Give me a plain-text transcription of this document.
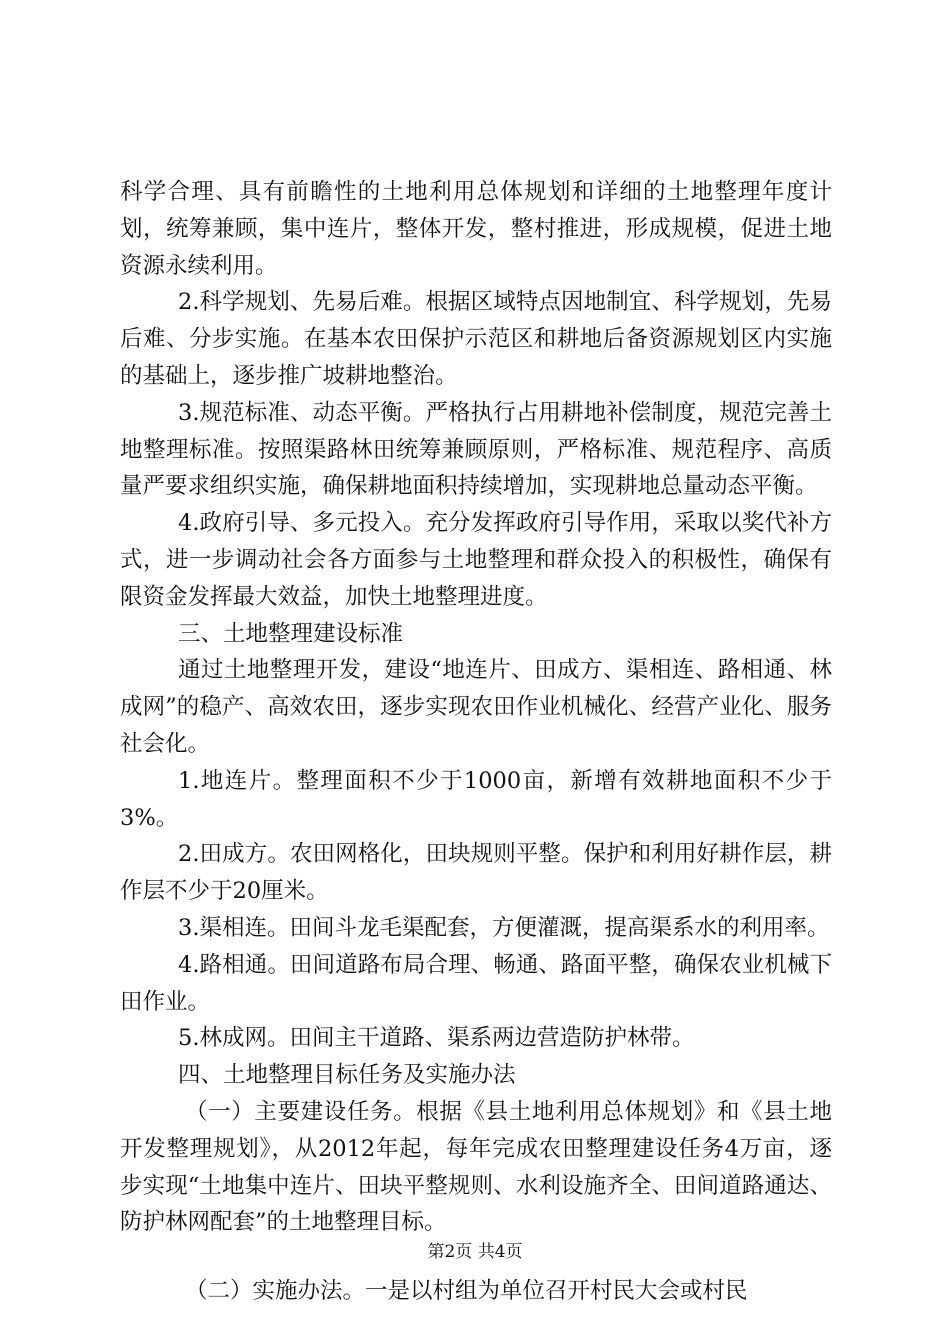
科学合理、具有前瞻性的土地利用总体规划和详细的土地整理年度计划，统筹兼顾，集中连片，整体开发，整村推进，形成规模，促进土地资源永续利用。

2.科学规划、先易后难。根据区域特点因地制宜、科学规划，先易后难、分步实施。在基本农田保护示范区和耕地后备资源规划区内实施的基础上，逐步推广坡耕地整治。

3.规范标准、动态平衡。严格执行占用耕地补偿制度，规范完善土地整理标准。按照渠路林田统筹兼顾原则，严格标准、规范程序、高质量严要求组织实施，确保耕地面积持续增加，实现耕地总量动态平衡。

4.政府引导、多元投入。充分发挥政府引导作用，采取以奖代补方式，进一步调动社会各方面参与土地整理和群众投入的积极性，确保有限资金发挥最大效益，加快土地整理进度。

三、土地整理建设标准

通过土地整理开发，建设“地连片、田成方、渠相连、路相通、林成网”的稳产、高效农田，逐步实现农田作业机械化、经营产业化、服务社会化。

1.地连片。整理面积不少于1000亩，新增有效耕地面积不少于3%。

2.田成方。农田网格化，田块规则平整。保护和利用好耕作层，耕作层不少于20厘米。

3.渠相连。田间斗龙毛渠配套，方便灌溉，提高渠系水的利用率。

4.路相通。田间道路布局合理、畅通、路面平整，确保农业机械下田作业。

5.林成网。田间主干道路、渠系两边营造防护林带。

四、土地整理目标任务及实施办法

（一）主要建设任务。根据《县土地利用总体规划》和《县土地开发整理规划》，从2012年起，每年完成农田整理建设任务4万亩，逐步实现“土地集中连片、田块平整规则、水利设施齐全、田间道路通达、防护林网配套”的土地整理目标。

（二）实施办法。一是以村组为单位召开村民大会或村民

第2页 共4页
